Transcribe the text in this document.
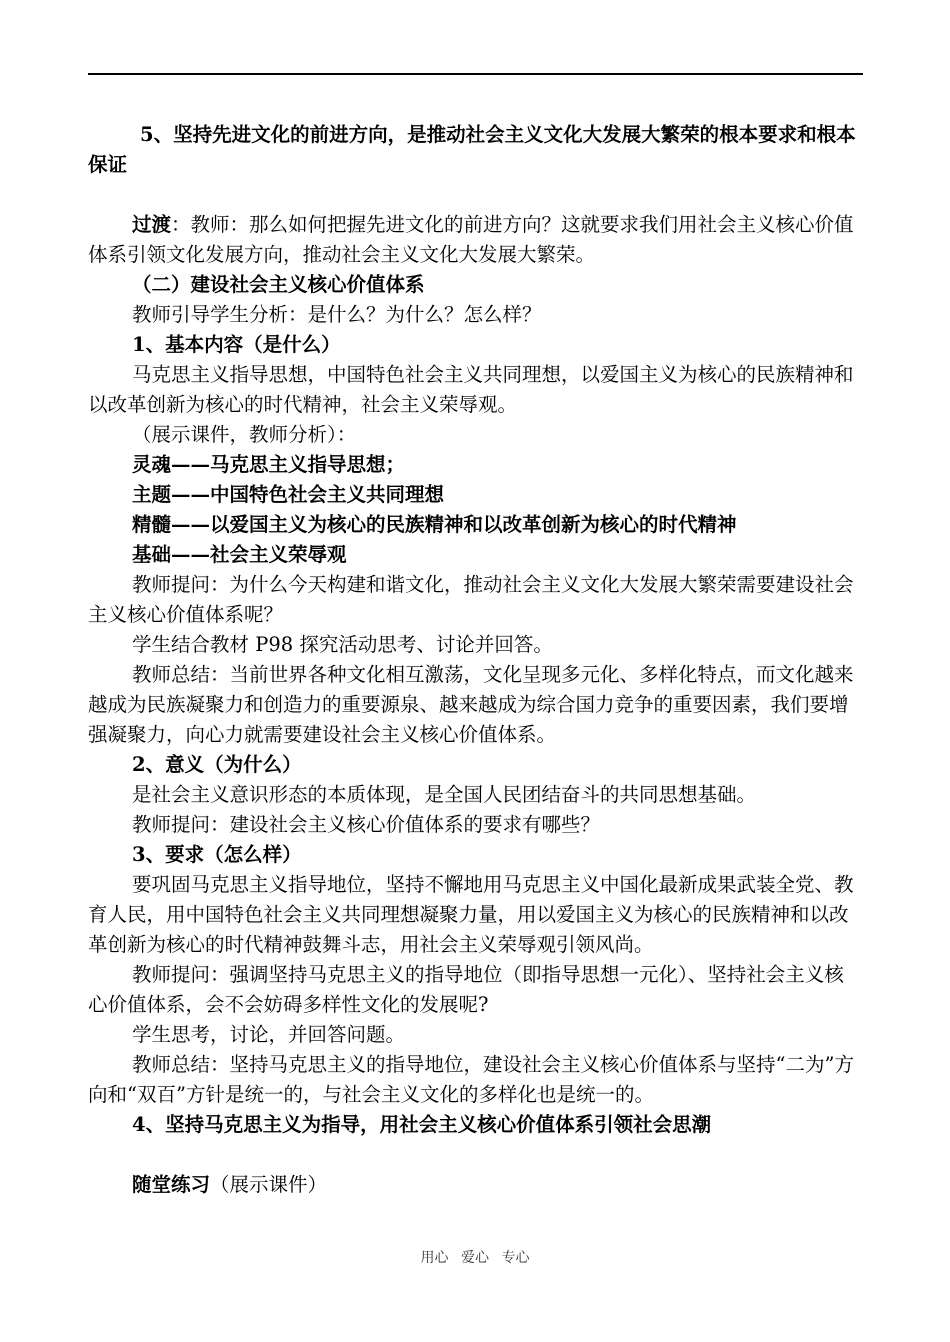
5、坚持先进文化的前进方向，是推动社会主义文化大发展大繁荣的根本要求和根本保证

过渡：教师：那么如何把握先进文化的前进方向？这就要求我们用社会主义核心价值体系引领文化发展方向，推动社会主义文化大发展大繁荣。

（二）建设社会主义核心价值体系

教师引导学生分析：是什么？为什么？怎么样？

1、基本内容（是什么）

马克思主义指导思想，中国特色社会主义共同理想，以爱国主义为核心的民族精神和以改革创新为核心的时代精神，社会主义荣辱观。

（展示课件，教师分析）：

灵魂——马克思主义指导思想；

主题——中国特色社会主义共同理想

精髓——以爱国主义为核心的民族精神和以改革创新为核心的时代精神

基础——社会主义荣辱观

教师提问：为什么今天构建和谐文化，推动社会主义文化大发展大繁荣需要建设社会主义核心价值体系呢？

学生结合教材 P98 探究活动思考、讨论并回答。

教师总结：当前世界各种文化相互激荡，文化呈现多元化、多样化特点，而文化越来越成为民族凝聚力和创造力的重要源泉、越来越成为综合国力竞争的重要因素，我们要增强凝聚力，向心力就需要建设社会主义核心价值体系。

2、意义（为什么）

是社会主义意识形态的本质体现，是全国人民团结奋斗的共同思想基础。

教师提问：建设社会主义核心价值体系的要求有哪些？

3、要求（怎么样）

要巩固马克思主义指导地位，坚持不懈地用马克思主义中国化最新成果武装全党、教育人民，用中国特色社会主义共同理想凝聚力量，用以爱国主义为核心的民族精神和以改革创新为核心的时代精神鼓舞斗志，用社会主义荣辱观引领风尚。

教师提问：强调坚持马克思主义的指导地位（即指导思想一元化）、坚持社会主义核心价值体系，会不会妨碍多样性文化的发展呢?

学生思考，讨论，并回答问题。

教师总结：坚持马克思主义的指导地位，建设社会主义核心价值体系与坚持“二为”方向和“双百”方针是统一的，与社会主义文化的多样化也是统一的。

4、坚持马克思主义为指导，用社会主义核心价值体系引领社会思潮

随堂练习（展示课件）

用心 爱心 专心
